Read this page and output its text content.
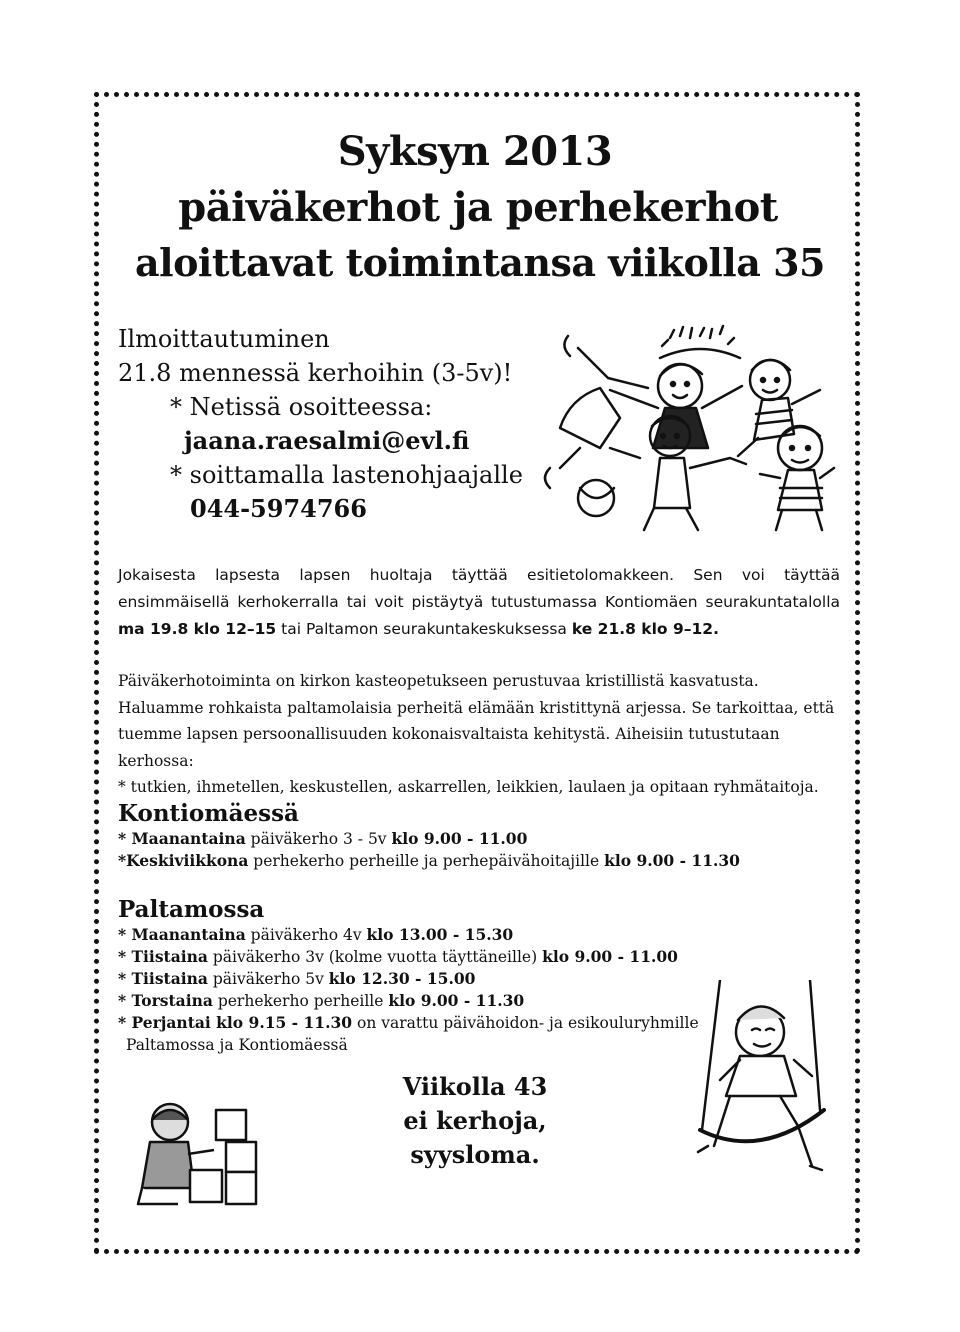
Syksyn 2013
päiväkerhot ja perhekerhot
aloittavat toimintansa viikolla 35
Ilmoittautuminen
21.8 mennessä kerhoihin (3-5v)!
* Netissä osoitteessa:
jaana.raesalmi@evl.fi
* soittamalla lastenohjaajalle
044-5974766
Jokaisesta lapsesta lapsen huoltaja täyttää esitietolomakkeen. Sen voi täyttää ensimmäisellä kerhokerralla tai voit pistäytyä tutustumassa Kontiomäen seurakuntatalolla ma 19.8 klo 12–15 tai Paltamon seurakuntakeskuksessa ke 21.8 klo 9–12.
Päiväkerhotoiminta on kirkon kasteopetukseen perustuvaa kristillistä kasvatusta. Haluamme rohkaista paltamolaisia perheitä elämään kristittynä arjessa. Se tarkoittaa, että tuemme lapsen persoonallisuuden kokonaisvaltaista kehitystä. Aiheisiin tutustutaan kerhossa:
* tutkien, ihmetellen, keskustellen, askarrellen, leikkien, laulaen ja opitaan ryhmätaitoja.
Kontiomäessä
* Maanantaina päiväkerho 3 - 5v klo 9.00 - 11.00
*Keskiviikkona perhekerho perheille ja perhepäivähoitajille klo 9.00 - 11.30
Paltamossa
* Maanantaina päiväkerho 4v klo 13.00 - 15.30
* Tiistaina päiväkerho 3v (kolme vuotta täyttäneille) klo 9.00 - 11.00
* Tiistaina päiväkerho 5v klo 12.30 - 15.00
* Torstaina perhekerho perheille klo 9.00 - 11.30
* Perjantai klo 9.15 - 11.30 on varattu päivähoidon- ja esikouluryhmille
Paltamossa ja Kontiomäessä
Viikolla 43
ei kerhoja,
syysloma.
